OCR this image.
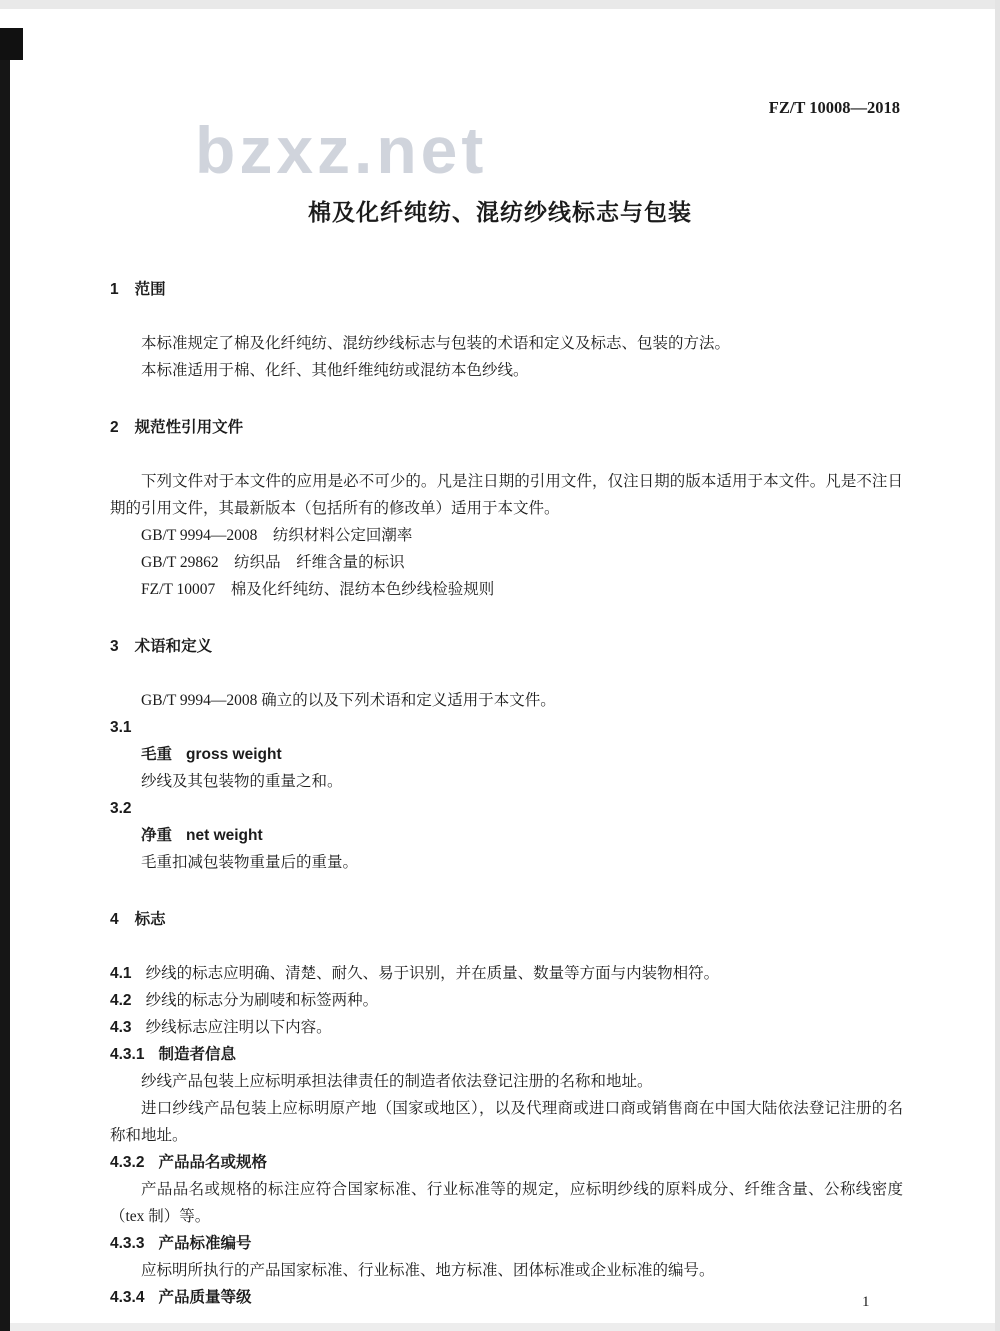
bzxz.net
FZ/T 10008—2018
棉及化纤纯纺、混纺纱线标志与包装
1 范围

本标准规定了棉及化纤纯纺、混纺纱线标志与包装的术语和定义及标志、包装的方法。

本标准适用于棉、化纤、其他纤维纯纺或混纺本色纱线。

2 规范性引用文件

下列文件对于本文件的应用是必不可少的。凡是注日期的引用文件，仅注日期的版本适用于本文件。凡是不注日期的引用文件，其最新版本（包括所有的修改单）适用于本文件。

GB/T 9994—2008　纺织材料公定回潮率

GB/T 29862　纺织品　纤维含量的标识

FZ/T 10007　棉及化纤纯纺、混纺本色纱线检验规则

3 术语和定义

GB/T 9994—2008 确立的以及下列术语和定义适用于本文件。

3.1

毛重 gross weight

纱线及其包装物的重量之和。

3.2

净重 net weight

毛重扣减包装物重量后的重量。

4 标志

4.1 纱线的标志应明确、清楚、耐久、易于识别，并在质量、数量等方面与内装物相符。

4.2 纱线的标志分为刷唛和标签两种。

4.3 纱线标志应注明以下内容。

4.3.1 制造者信息

纱线产品包装上应标明承担法律责任的制造者依法登记注册的名称和地址。

进口纱线产品包装上应标明原产地（国家或地区），以及代理商或进口商或销售商在中国大陆依法登记注册的名称和地址。

4.3.2 产品品名或规格

产品品名或规格的标注应符合国家标准、行业标准等的规定，应标明纱线的原料成分、纤维含量、公称线密度（tex 制）等。

4.3.3 产品标准编号

应标明所执行的产品国家标准、行业标准、地方标准、团体标准或企业标准的编号。

4.3.4 产品质量等级	1
